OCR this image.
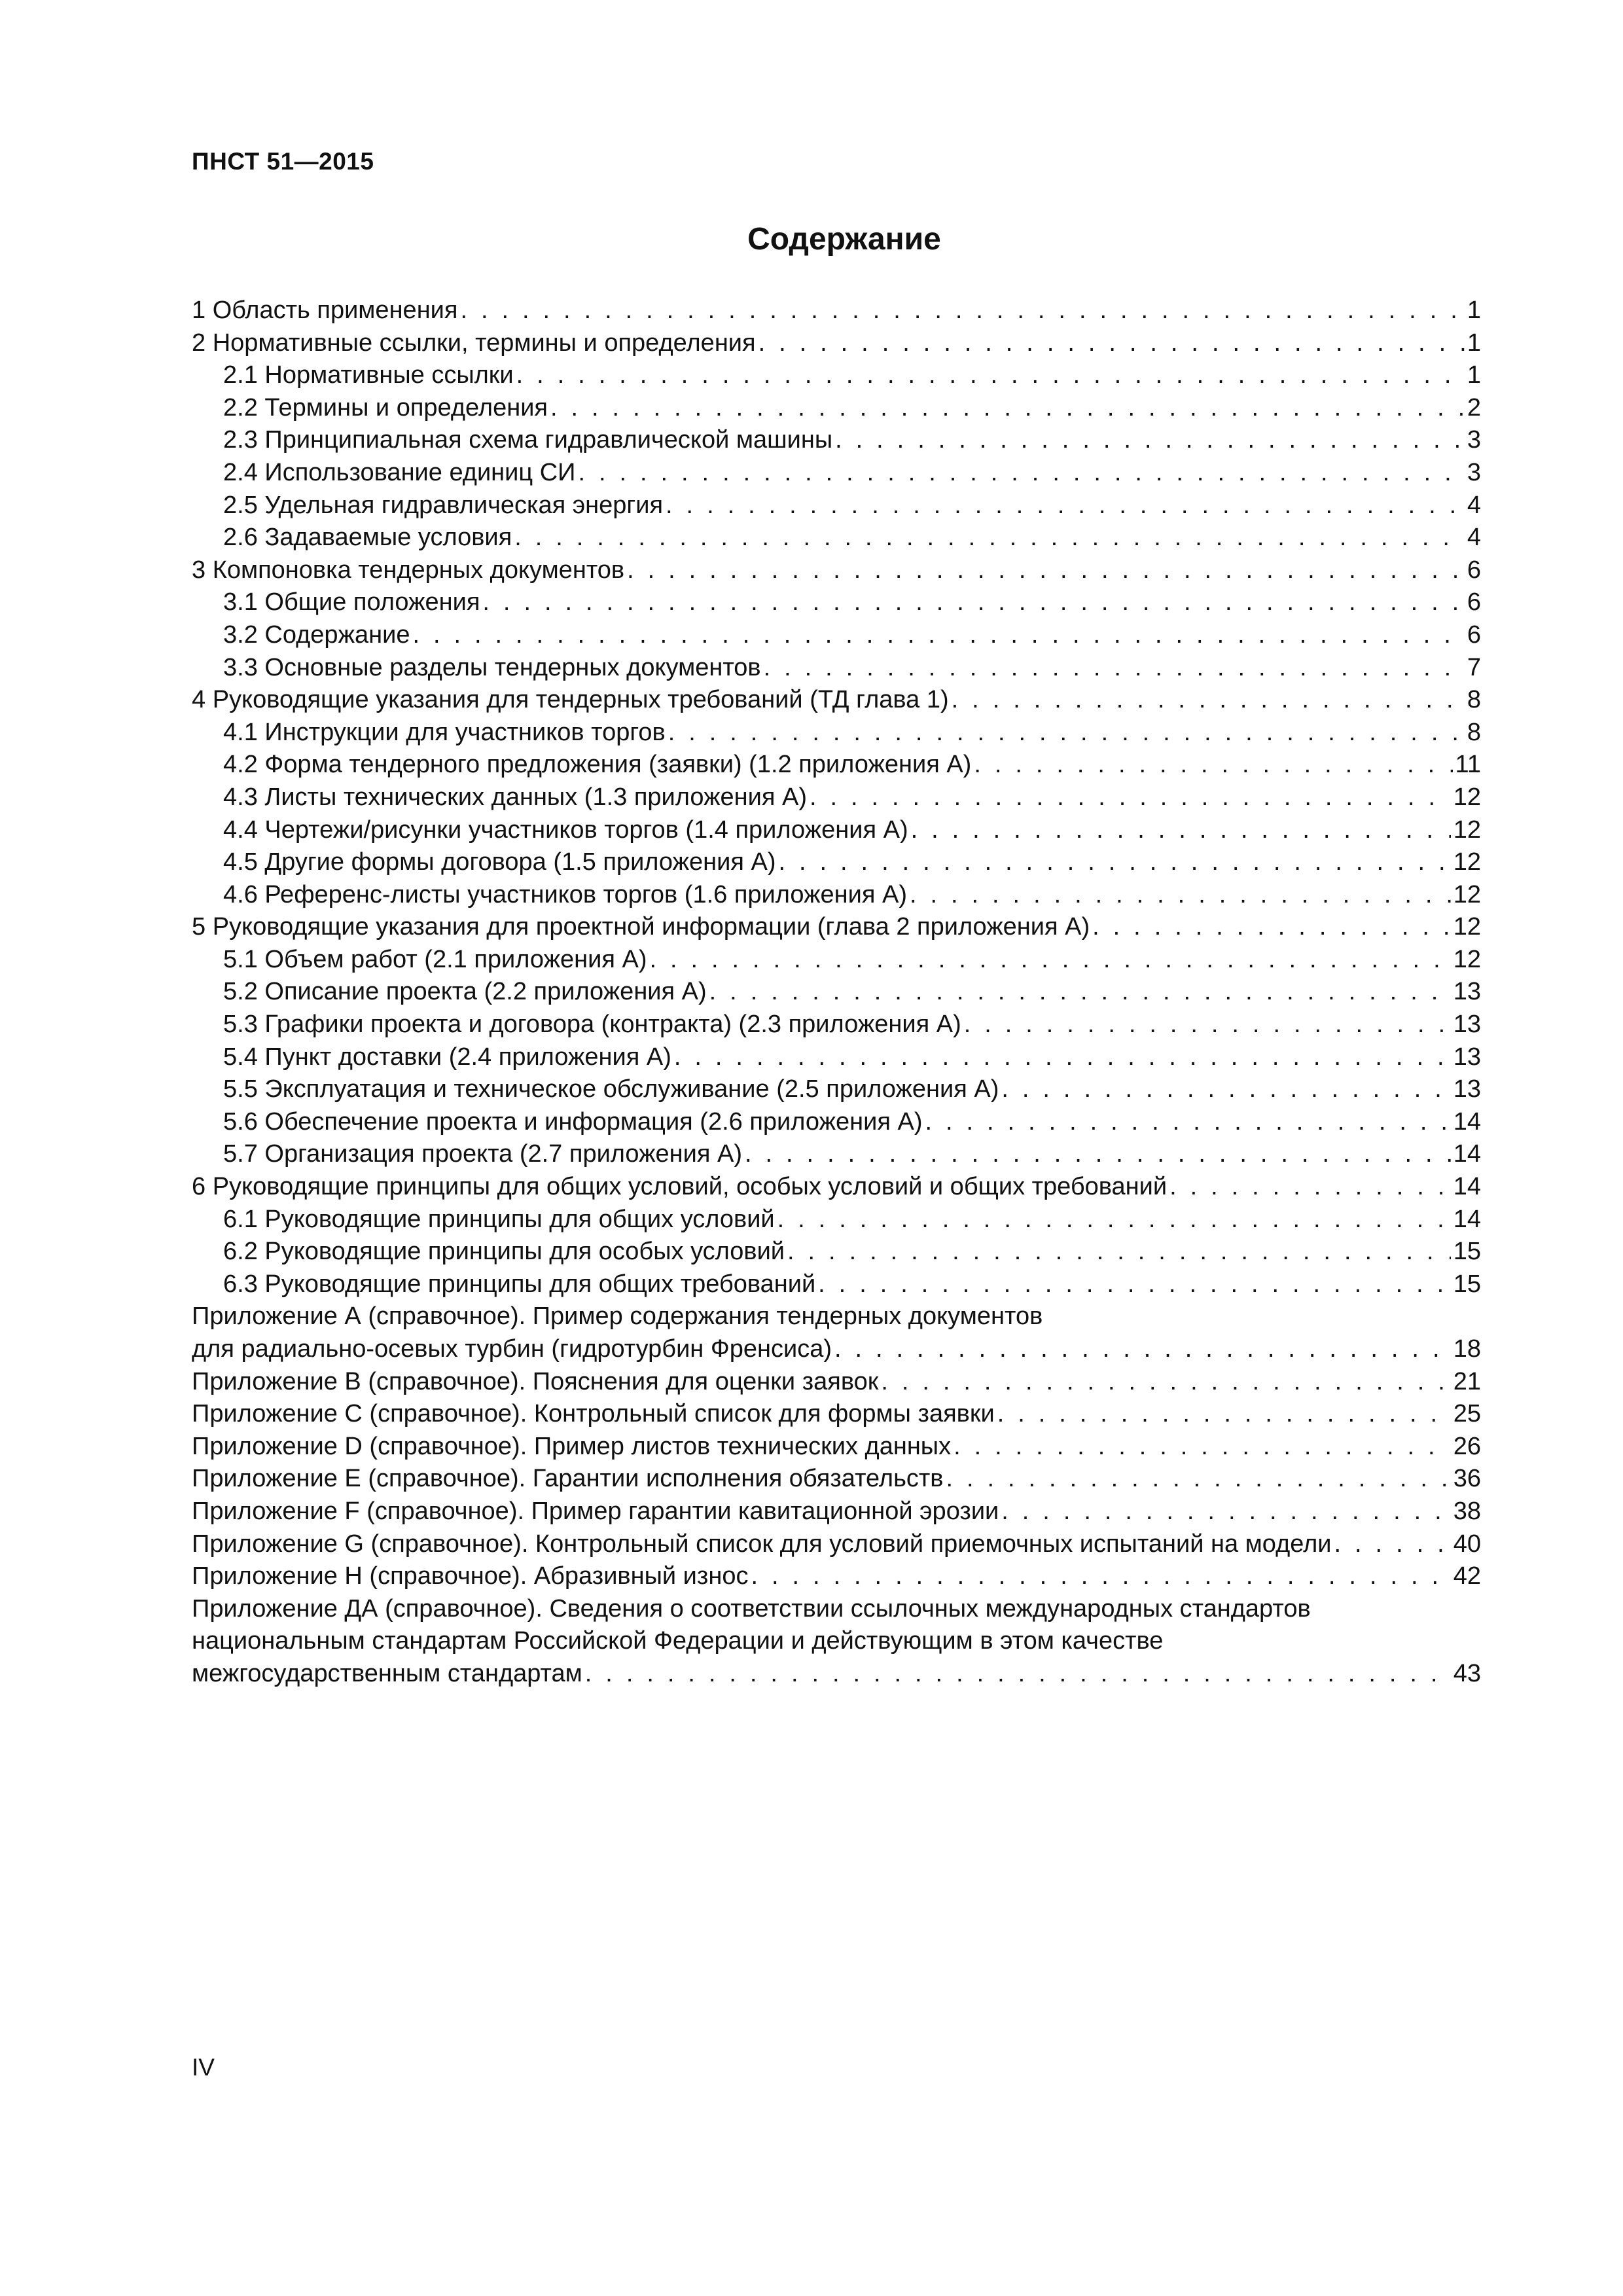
ПНСТ 51—2015
Содержание
1 Область применения . . .	1
2 Нормативные ссылки, термины и определения . . .	1
2.1 Нормативные ссылки . . .	1
2.2 Термины и определения . . .	2
2.3 Принципиальная схема гидравлической машины . . .	3
2.4 Использование единиц СИ . . .	3
2.5 Удельная гидравлическая энергия . . .	4
2.6 Задаваемые условия . . .	4
3 Компоновка тендерных документов . . .	6
3.1 Общие положения . . .	6
3.2 Содержание . . .	6
3.3 Основные разделы тендерных документов . . .	7
4 Руководящие указания для тендерных требований (ТД глава 1) . . .	8
4.1 Инструкции для участников торгов . . .	8
4.2 Форма тендерного предложения (заявки) (1.2 приложения А) . . .	11
4.3 Листы технических данных (1.3 приложения А) . . .	12
4.4 Чертежи/рисунки участников торгов (1.4 приложения А) . . .	12
4.5 Другие формы договора (1.5 приложения А) . . .	12
4.6 Референс-листы участников торгов (1.6 приложения А) . . .	12
5 Руководящие указания для проектной информации (глава 2 приложения А) . . .	12
5.1 Объем работ (2.1 приложения А) . . .	12
5.2 Описание проекта (2.2 приложения А) . . .	13
5.3 Графики проекта и договора (контракта) (2.3 приложения А) . . .	13
5.4 Пункт доставки (2.4 приложения А) . . .	13
5.5 Эксплуатация и техническое обслуживание (2.5 приложения А) . . .	13
5.6 Обеспечение проекта и информация (2.6 приложения А) . . .	14
5.7 Организация проекта (2.7 приложения А) . . .	14
6 Руководящие принципы для общих условий, особых условий и общих требований . . .	14
6.1 Руководящие принципы для общих условий . . .	14
6.2 Руководящие принципы для особых условий . . .	15
6.3 Руководящие принципы для общих требований . . .	15
Приложение А (справочное). Пример содержания тендерных документов
для радиально-осевых турбин (гидротурбин Френсиса) . . .	18
Приложение В (справочное). Пояснения для оценки заявок . . .	21
Приложение С (справочное). Контрольный список для формы заявки . . .	25
Приложение D (справочное). Пример листов технических данных . . .	26
Приложение Е (справочное). Гарантии исполнения обязательств . . .	36
Приложение F (справочное). Пример гарантии кавитационной эрозии . . .	38
Приложение G (справочное). Контрольный список для условий приемочных испытаний на модели . . .	40
Приложение Н (справочное). Абразивный износ . . .	42
Приложение ДА (справочное). Сведения о соответствии ссылочных международных стандартов
национальным стандартам Российской Федерации и действующим в этом качестве
межгосударственным стандартам . . .	43
IV
